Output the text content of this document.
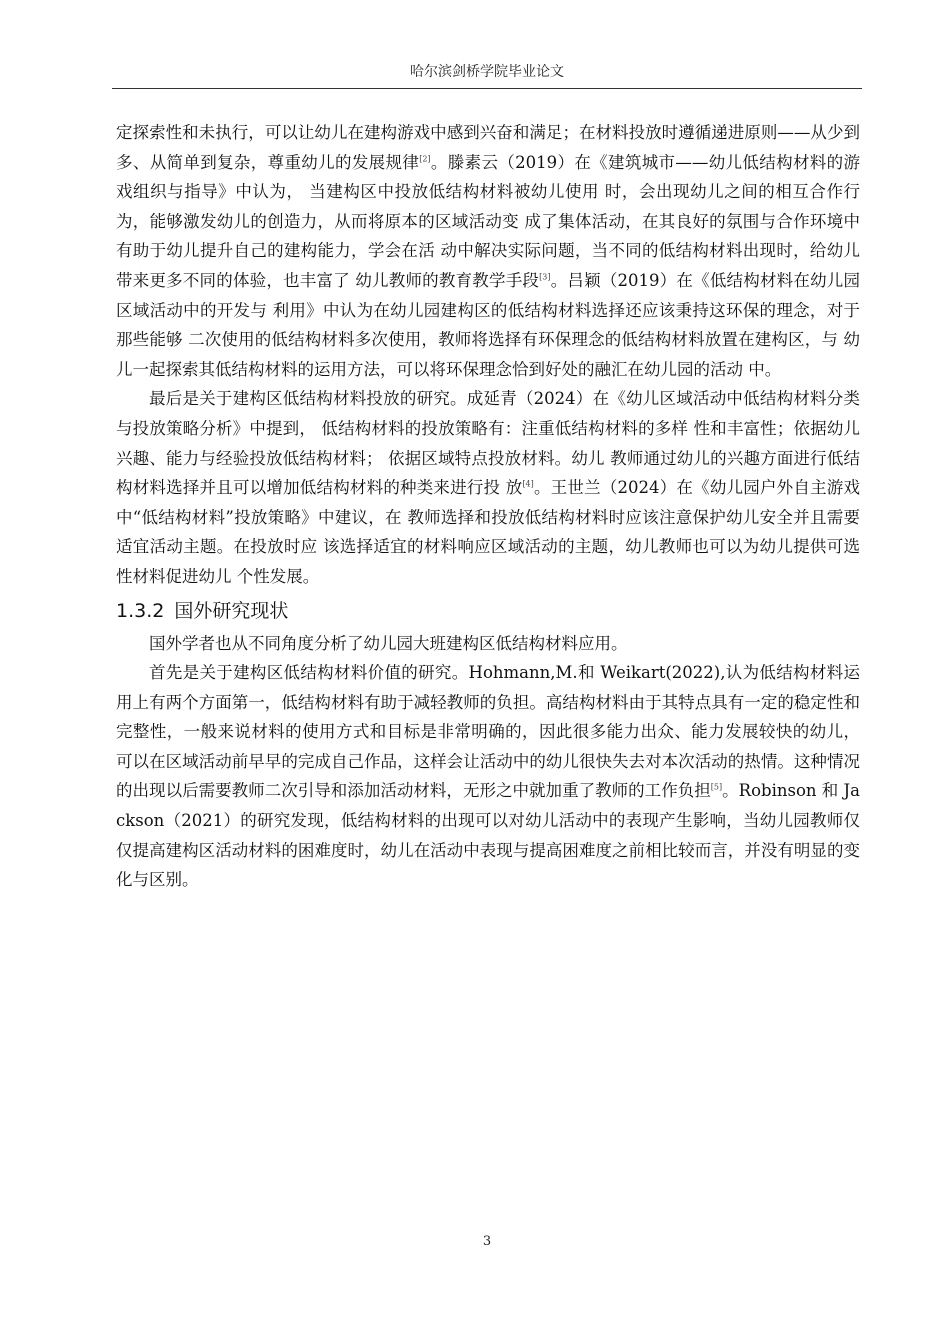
哈尔滨剑桥学院毕业论文

定探索性和未执行，可以让幼儿在建构游戏中感到兴奋和满足；在材料投放时遵循递进原则——从少到多、从简单到复杂，尊重幼儿的发展规律[2]。滕素云（2019）在《建筑城市——幼儿低结构材料的游戏组织与指导》中认为， 当建构区中投放低结构材料被幼儿使用 时，会出现幼儿之间的相互合作行为，能够激发幼儿的创造力，从而将原本的区域活动变 成了集体活动，在其良好的氛围与合作环境中有助于幼儿提升自己的建构能力，学会在活 动中解决实际问题，当不同的低结构材料出现时，给幼儿带来更多不同的体验，也丰富了 幼儿教师的教育教学手段[3]。吕颖（2019）在《低结构材料在幼儿园区域活动中的开发与 利用》中认为在幼儿园建构区的低结构材料选择还应该秉持这环保的理念，对于那些能够 二次使用的低结构材料多次使用，教师将选择有环保理念的低结构材料放置在建构区，与 幼儿一起探索其低结构材料的运用方法，可以将环保理念恰到好处的融汇在幼儿园的活动 中。

最后是关于建构区低结构材料投放的研究。成延青（2024）在《幼儿区域活动中低结构材料分类与投放策略分析》中提到， 低结构材料的投放策略有：注重低结构材料的多样 性和丰富性；依据幼儿兴趣、能力与经验投放低结构材料； 依据区域特点投放材料。幼儿 教师通过幼儿的兴趣方面进行低结构材料选择并且可以增加低结构材料的种类来进行投 放[4]。王世兰（2024）在《幼儿园户外自主游戏中“低结构材料”投放策略》中建议，在 教师选择和投放低结构材料时应该注意保护幼儿安全并且需要适宜活动主题。在投放时应 该选择适宜的材料响应区域活动的主题，幼儿教师也可以为幼儿提供可选性材料促进幼儿 个性发展。

1.3.2 国外研究现状

国外学者也从不同角度分析了幼儿园大班建构区低结构材料应用。

首先是关于建构区低结构材料价值的研究。Hohmann,M.和 Weikart(2022),认为低结构材料运用上有两个方面第一，低结构材料有助于减轻教师的负担。高结构材料由于其特点具有一定的稳定性和完整性，一般来说材料的使用方式和目标是非常明确的，因此很多能力出众、能力发展较快的幼儿， 可以在区域活动前早早的完成自己作品，这样会让活动中的幼儿很快失去对本次活动的热情。这种情况的出现以后需要教师二次引导和添加活动材料，无形之中就加重了教师的工作负担[5]。Robinson 和 Jackson（2021）的研究发现，低结构材料的出现可以对幼儿活动中的表现产生影响，当幼儿园教师仅仅提高建构区活动材料的困难度时，幼儿在活动中表现与提高困难度之前相比较而言，并没有明显的变化与区别。

3
